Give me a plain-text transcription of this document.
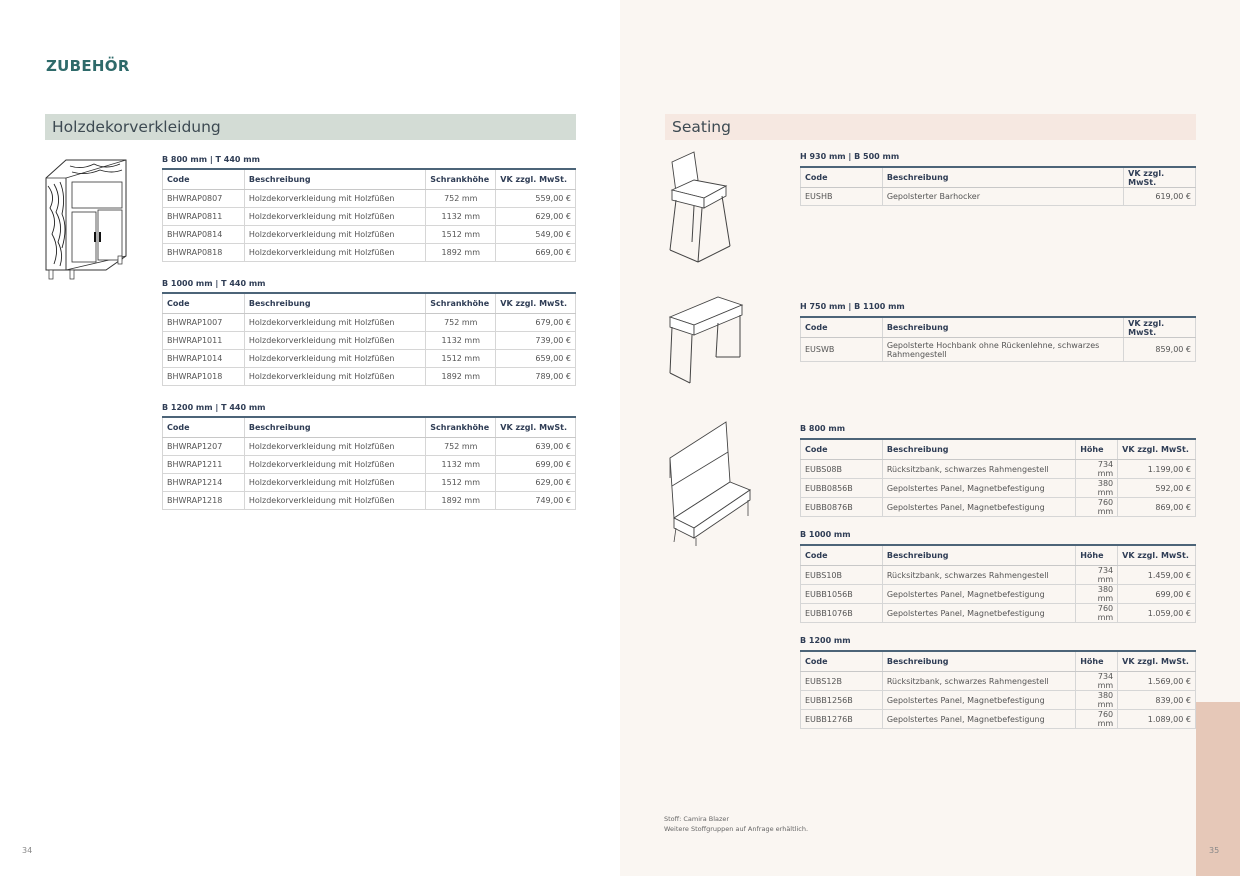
ZUBEHÖR
Holzdekorverkleidung	Seating
B 800 mm | T 440 mm
Code	Beschreibung	Schrankhöhe	VK zzgl. MwSt.
BHWRAP0807	Holzdekorverkleidung mit Holzfüßen	752 mm	559,00 €
BHWRAP0811	Holzdekorverkleidung mit Holzfüßen	1132 mm	629,00 €
BHWRAP0814	Holzdekorverkleidung mit Holzfüßen	1512 mm	549,00 €
BHWRAP0818	Holzdekorverkleidung mit Holzfüßen	1892 mm	669,00 €
B 1000 mm | T 440 mm
Code	Beschreibung	Schrankhöhe	VK zzgl. MwSt.
BHWRAP1007	Holzdekorverkleidung mit Holzfüßen	752 mm	679,00 €
BHWRAP1011	Holzdekorverkleidung mit Holzfüßen	1132 mm	739,00 €
BHWRAP1014	Holzdekorverkleidung mit Holzfüßen	1512 mm	659,00 €
BHWRAP1018	Holzdekorverkleidung mit Holzfüßen	1892 mm	789,00 €
B 1200 mm | T 440 mm
Code	Beschreibung	Schrankhöhe	VK zzgl. MwSt.
BHWRAP1207	Holzdekorverkleidung mit Holzfüßen	752 mm	639,00 €
BHWRAP1211	Holzdekorverkleidung mit Holzfüßen	1132 mm	699,00 €
BHWRAP1214	Holzdekorverkleidung mit Holzfüßen	1512 mm	629,00 €
BHWRAP1218	Holzdekorverkleidung mit Holzfüßen	1892 mm	749,00 €
H 930 mm | B 500 mm
Code	Beschreibung	VK zzgl. MwSt.
EUSHB	Gepolsterter Barhocker	619,00 €
H 750 mm | B 1100 mm
Code	Beschreibung	VK zzgl. MwSt.
EUSWB	Gepolsterte Hochbank ohne Rückenlehne, schwarzes Rahmengestell	859,00 €
B 800 mm
Code	Beschreibung	Höhe	VK zzgl. MwSt.
EUBS08B	Rücksitzbank, schwarzes Rahmengestell	734 mm	1.199,00 €
EUBB0856B	Gepolstertes Panel, Magnetbefestigung	380 mm	592,00 €
EUBB0876B	Gepolstertes Panel, Magnetbefestigung	760 mm	869,00 €
B 1000 mm
Code	Beschreibung	Höhe	VK zzgl. MwSt.
EUBS10B	Rücksitzbank, schwarzes Rahmengestell	734 mm	1.459,00 €
EUBB1056B	Gepolstertes Panel, Magnetbefestigung	380 mm	699,00 €
EUBB1076B	Gepolstertes Panel, Magnetbefestigung	760 mm	1.059,00 €
B 1200 mm
Code	Beschreibung	Höhe	VK zzgl. MwSt.
EUBS12B	Rücksitzbank, schwarzes Rahmengestell	734 mm	1.569,00 €
EUBB1256B	Gepolstertes Panel, Magnetbefestigung	380 mm	839,00 €
EUBB1276B	Gepolstertes Panel, Magnetbefestigung	760 mm	1.089,00 €
Stoff: Camira Blazer
Weitere Stoffgruppen auf Anfrage erhältlich.
34	35
